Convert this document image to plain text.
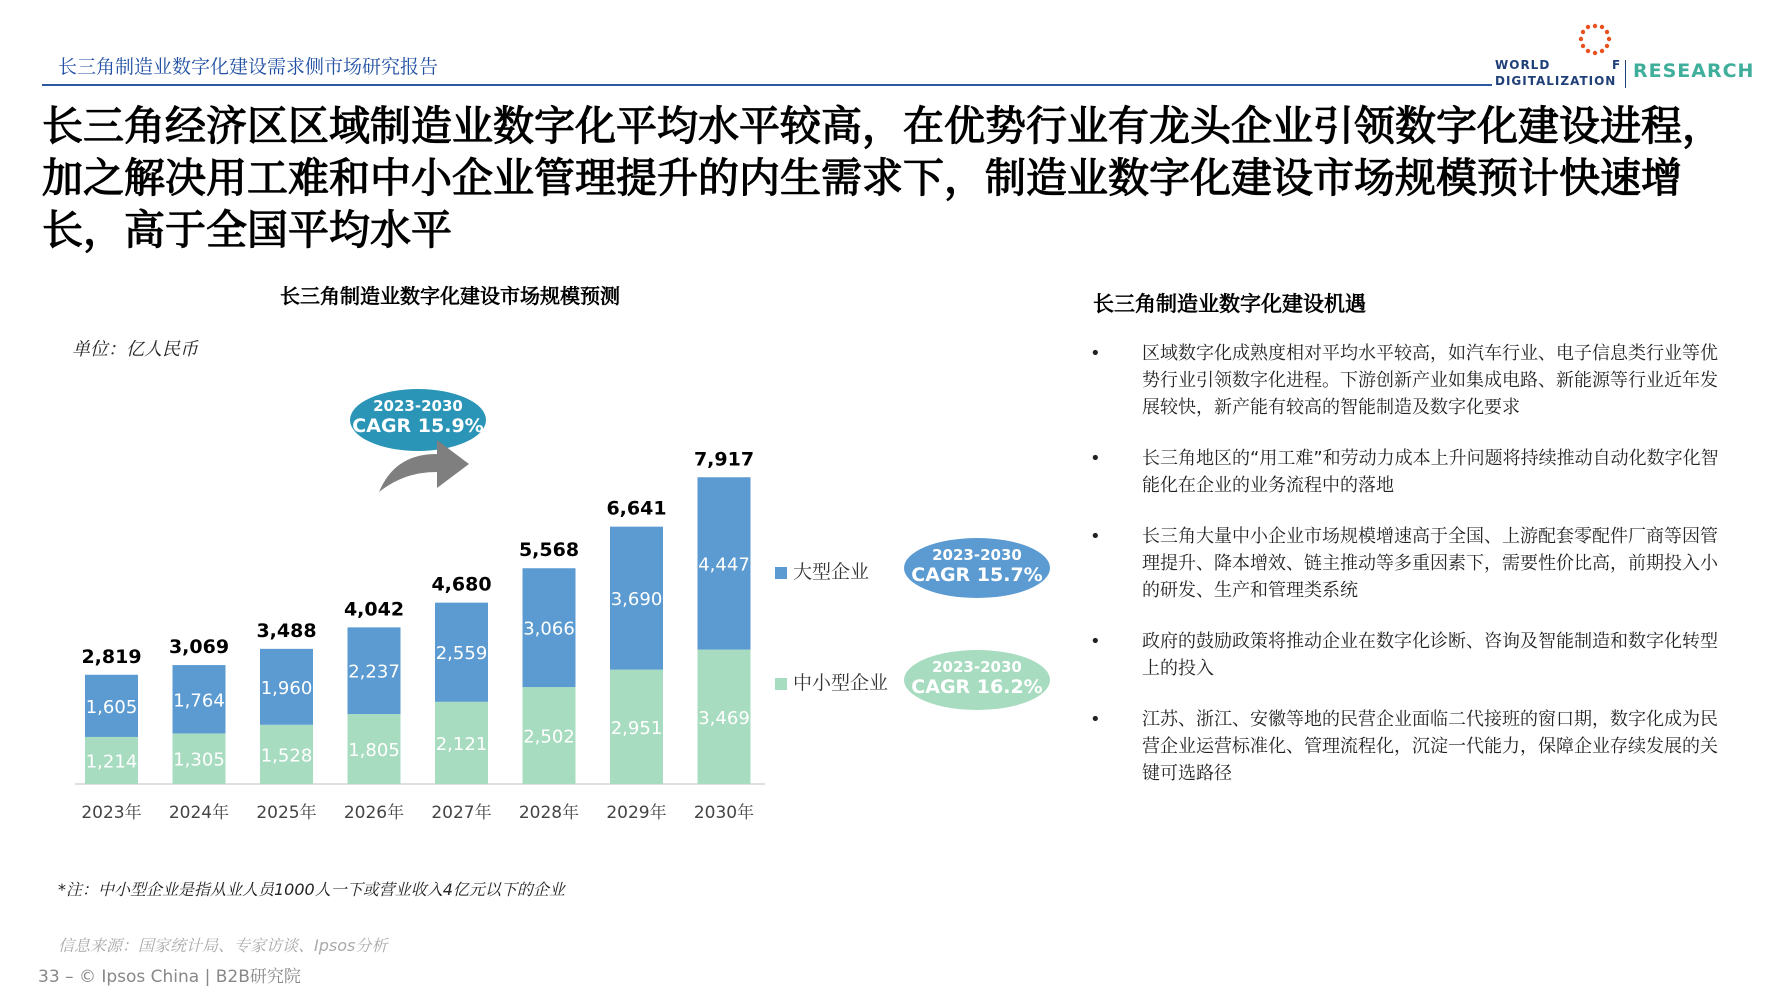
长三角制造业数字化建设需求侧市场研究报告	WORLD	F
DIGITALIZATION RESEARCH
长三角经济区区域制造业数字化平均水平较高，在优势行业有龙头企业引领数字化建设进程，加之解决用工难和中小企业管理提升的内生需求下，制造业数字化建设市场规模预计快速增长，高于全国平均水平
长三角制造业数字化建设市场规模预测
单位：亿人民币
1,214
1,605
2,819
2023年
1,305
1,764
3,069
2024年
1,528
1,960
3,488
2025年
1,805
2,237
4,042
2026年
2,121
2,559
4,680
2027年
2,502
3,066
5,568
2028年
2,951
3,690
6,641
2029年
3,469
4,447
7,917
2030年
2023-2030
CAGR 15.9%
大型企业
中小型企业
2023-2030
CAGR 15.7%
2023-2030
CAGR 16.2%
长三角制造业数字化建设机遇
• 区域数字化成熟度相对平均水平较高，如汽车行业、电子信息类行业等优势行业引领数字化进程。下游创新产业如集成电路、新能源等行业近年发展较快，新产能有较高的智能制造及数字化要求
• 长三角地区的“用工难”和劳动力成本上升问题将持续推动自动化数字化智能化在企业的业务流程中的落地
• 长三角大量中小企业市场规模增速高于全国、上游配套零配件厂商等因管理提升、降本增效、链主推动等多重因素下，需要性价比高，前期投入小的研发、生产和管理类系统
• 政府的鼓励政策将推动企业在数字化诊断、咨询及智能制造和数字化转型上的投入
• 江苏、浙江、安徽等地的民营企业面临二代接班的窗口期，数字化成为民营企业运营标准化、管理流程化，沉淀一代能力，保障企业存续发展的关键可选路径
*注：中小型企业是指从业人员1000人一下或营业收入4亿元以下的企业
信息来源：国家统计局、专家访谈、Ipsos分析
33 – © Ipsos China | B2B研究院
